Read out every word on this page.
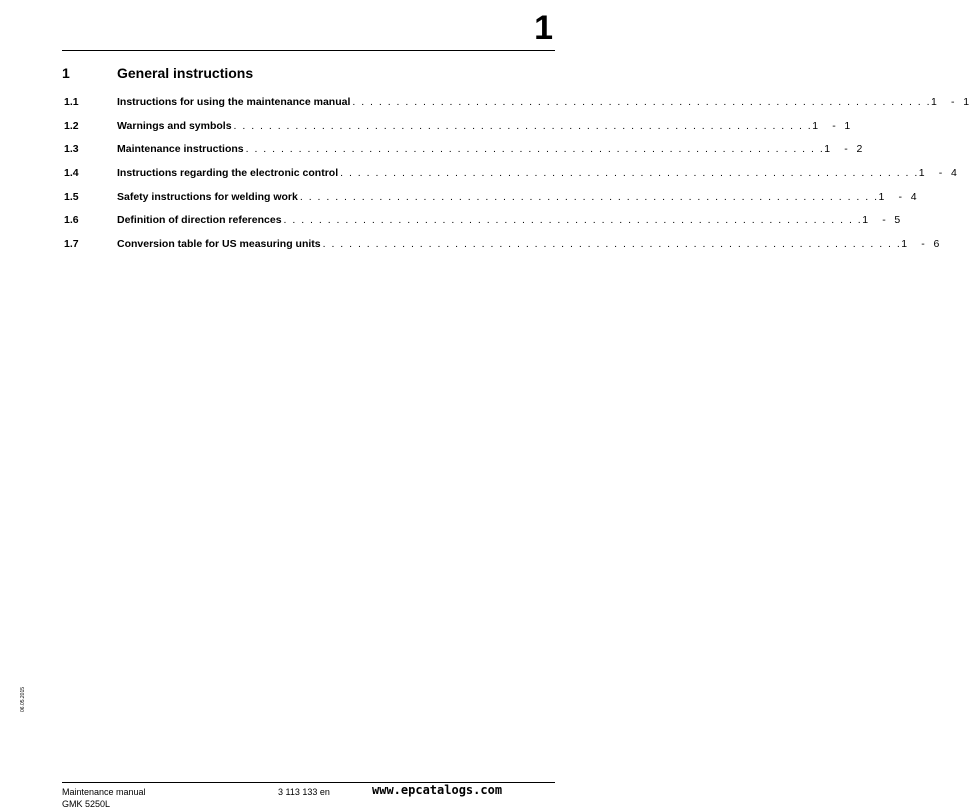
1
1	General instructions
1.1	Instructions for using the maintenance manual . . . . . . . . . . . . . . . . . . . . . . . . . . . . . . . . . . . . . . . . . . . . . . . . . . . . . . . . . . . . . . . . . . 1	- 1
1.2	Warnings and symbols . . . . . . . . . . . . . . . . . . . . . . . . . . . . . . . . . . . . . . . . . . . . . . . . . . . . . . . . . . . . . . . . . . 1	- 1
1.3	Maintenance instructions . . . . . . . . . . . . . . . . . . . . . . . . . . . . . . . . . . . . . . . . . . . . . . . . . . . . . . . . . . . . . . . . . . 1	- 2
1.4	Instructions regarding the electronic control . . . . . . . . . . . . . . . . . . . . . . . . . . . . . . . . . . . . . . . . . . . . . . . . . . . . . . . . . . . . . . . . . . 1	- 4
1.5	Safety instructions for welding work . . . . . . . . . . . . . . . . . . . . . . . . . . . . . . . . . . . . . . . . . . . . . . . . . . . . . . . . . . . . . . . . . . 1	- 4
1.6	Definition of direction references . . . . . . . . . . . . . . . . . . . . . . . . . . . . . . . . . . . . . . . . . . . . . . . . . . . . . . . . . . . . . . . . . . 1	- 5
1.7	Conversion table for US measuring units . . . . . . . . . . . . . . . . . . . . . . . . . . . . . . . . . . . . . . . . . . . . . . . . . . . . . . . . . . . . . . . . . . 1	- 6
06.05.2015
Maintenance manual
GMK 5250L
3 113 133 en	www.epcatalogs.com
